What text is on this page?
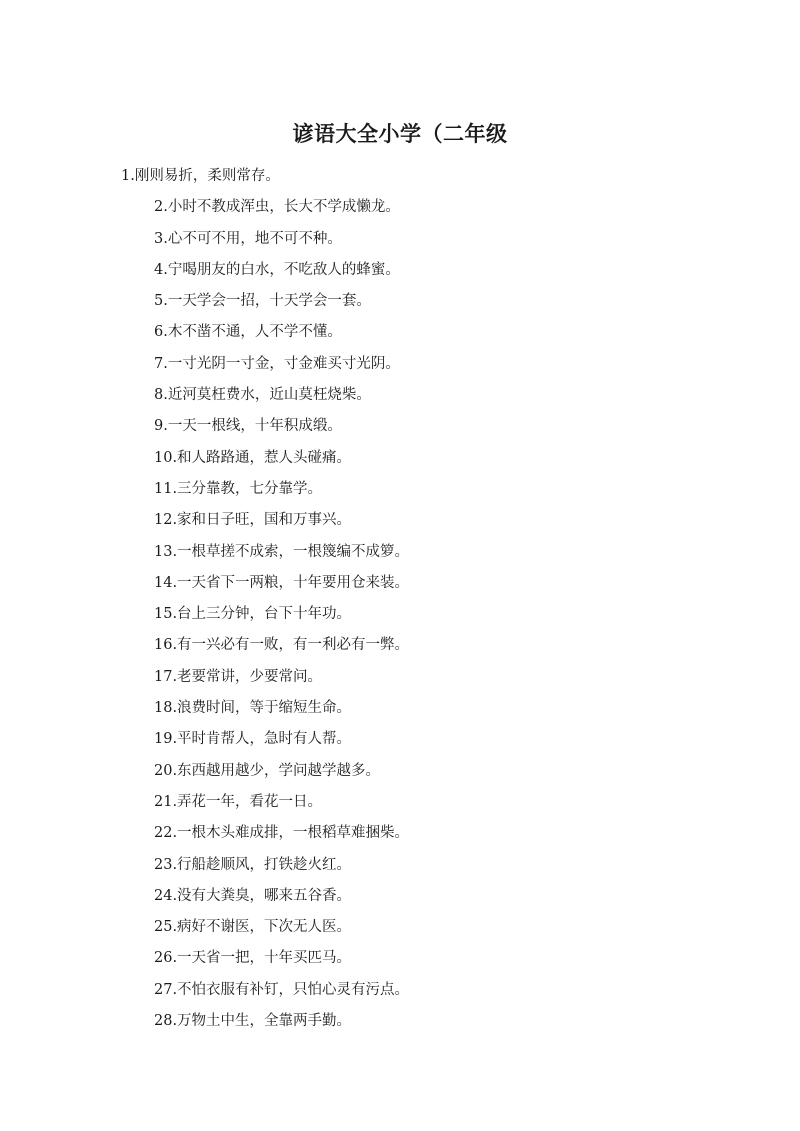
谚语大全小学（二年级
1.刚则易折，柔则常存。
2.小时不教成浑虫，长大不学成懒龙。
3.心不可不用，地不可不种。
4.宁喝朋友的白水，不吃敌人的蜂蜜。
5.一天学会一招，十天学会一套。
6.木不凿不通，人不学不懂。
7.一寸光阴一寸金，寸金难买寸光阴。
8.近河莫枉费水，近山莫枉烧柴。
9.一天一根线，十年积成缎。
10.和人路路通，惹人头碰痛。
11.三分靠教，七分靠学。
12.家和日子旺，国和万事兴。
13.一根草搓不成索，一根篾编不成箩。
14.一天省下一两粮，十年要用仓来装。
15.台上三分钟，台下十年功。
16.有一兴必有一败，有一利必有一弊。
17.老要常讲，少要常问。
18.浪费时间，等于缩短生命。
19.平时肯帮人，急时有人帮。
20.东西越用越少，学问越学越多。
21.弄花一年，看花一日。
22.一根木头难成排，一根稻草难捆柴。
23.行船趁顺风，打铁趁火红。
24.没有大粪臭，哪来五谷香。
25.病好不谢医，下次无人医。
26.一天省一把，十年买匹马。
27.不怕衣服有补钉，只怕心灵有污点。
28.万物土中生，全靠两手勤。
